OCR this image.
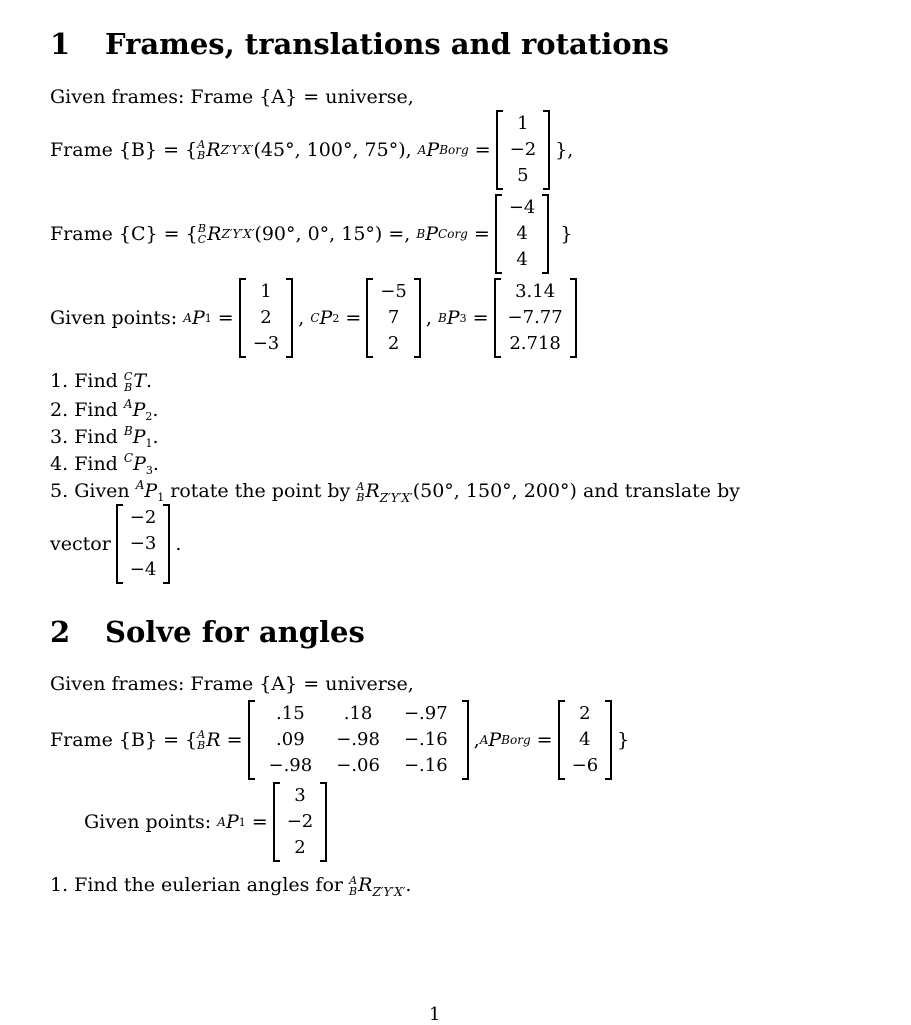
1 Frames, translations and rotations
Given frames: Frame {A} = universe,
Frame {B} = { A
B R Z′Y′X′ (45°, 100°, 75°),
A P Borg =
1
−2
5
},
Frame {C} = { B
C R Z′Y′X′ (90°, 0°, 15°) =,
B P Corg =
−4
4
4
}
Given points:
A P 1 =
1
2
−3
, C P 2 =
−5
7
2
, B P 3 =
3.14
−7.77
2.718
1. Find C
B T.
2. Find $^AP_2$.
3. Find $^BP_1$.
4. Find $^CP_3$.
5. Given $^AP_1$ rotate the point by A
B $R_{Z'Y'X'}(50^\circ$, 150°, 200°) and translate by
vector
−2
−3
−4
.
2 Solve for angles
Given frames: Frame {A} = universe,
Frame {B} = { A
B R =
.15	.18	−.97
.09	−.98	−.16
−.98	−.06	−.16
, A P Borg =
2
4
−6
}
Given points:
A P 1 =
3
−2
2
1. Find the eulerian angles for A
B $R_{Z'Y'X'}$.
1
